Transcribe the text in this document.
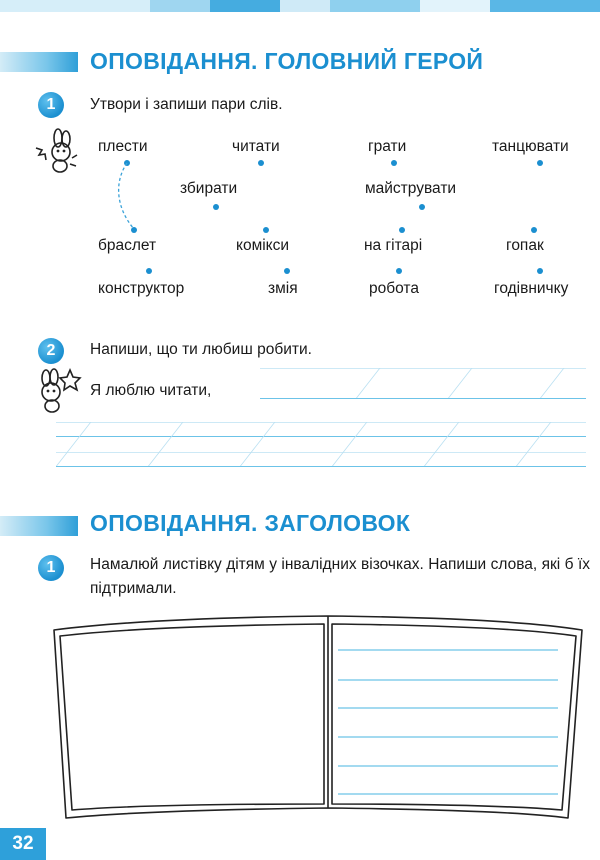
ОПОВІДАННЯ. ГОЛОВНИЙ ГЕРОЙ
1	Утвори і запиши пари слів.
плести	читати	грати	танцювати
збирати	майструвати
браслет	комікси	на гітарі	гопак
конструктор	змія	робота	годівничку
2	Напиши, що ти любиш робити.
Я люблю читати,
ОПОВІДАННЯ. ЗАГОЛОВОК
1	Намалюй листівку дітям у інвалідних візочках. Напиши слова, які б їх підтримали.
32
